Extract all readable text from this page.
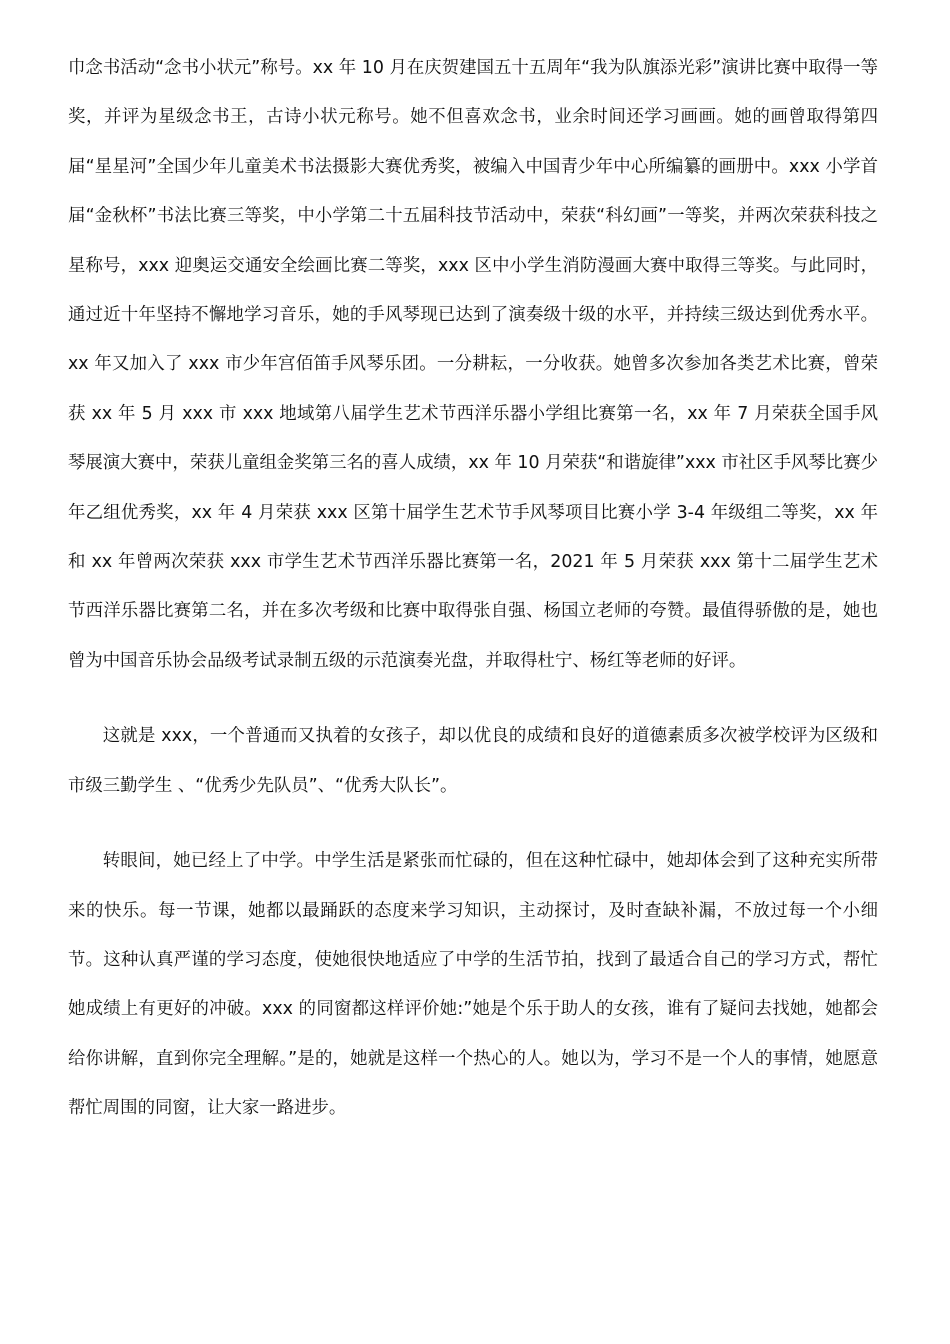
巾念书活动“念书小状元”称号。xx 年 10 月在庆贺建国五十五周年“我为队旗添光彩”演讲比赛中取得一等奖，并评为星级念书王，古诗小状元称号。她不但喜欢念书，业余时间还学习画画。她的画曾取得第四届“星星河”全国少年儿童美术书法摄影大赛优秀奖，被编入中国青少年中心所编纂的画册中。xxx 小学首届“金秋杯”书法比赛三等奖，中小学第二十五届科技节活动中，荣获“科幻画”一等奖，并两次荣获科技之星称号，xxx 迎奥运交通安全绘画比赛二等奖，xxx 区中小学生消防漫画大赛中取得三等奖。与此同时，通过近十年坚持不懈地学习音乐，她的手风琴现已达到了演奏级十级的水平，并持续三级达到优秀水平。xx 年又加入了 xxx 市少年宫佰笛手风琴乐团。一分耕耘，一分收获。她曾多次参加各类艺术比赛，曾荣获 xx 年 5 月 xxx 市 xxx 地域第八届学生艺术节西洋乐器小学组比赛第一名，xx 年 7 月荣获全国手风琴展演大赛中，荣获儿童组金奖第三名的喜人成绩，xx 年 10 月荣获“和谐旋律”xxx 市社区手风琴比赛少年乙组优秀奖，xx 年 4 月荣获 xxx 区第十届学生艺术节手风琴项目比赛小学 3-4 年级组二等奖，xx 年和 xx 年曾两次荣获 xxx 市学生艺术节西洋乐器比赛第一名，2021 年 5 月荣获 xxx 第十二届学生艺术节西洋乐器比赛第二名，并在多次考级和比赛中取得张自强、杨国立老师的夸赞。最值得骄傲的是，她也曾为中国音乐协会品级考试录制五级的示范演奏光盘，并取得杜宁、杨红等老师的好评。

这就是 xxx，一个普通而又执着的女孩子，却以优良的成绩和良好的道德素质多次被学校评为区级和市级三勤学生 、“优秀少先队员”、“优秀大队长”。

转眼间，她已经上了中学。中学生活是紧张而忙碌的，但在这种忙碌中，她却体会到了这种充实所带来的快乐。每一节课，她都以最踊跃的态度来学习知识，主动探讨，及时查缺补漏，不放过每一个小细节。这种认真严谨的学习态度，使她很快地适应了中学的生活节拍，找到了最适合自己的学习方式，帮忙她成绩上有更好的冲破。xxx 的同窗都这样评价她:”她是个乐于助人的女孩，谁有了疑问去找她，她都会给你讲解，直到你完全理解。”是的，她就是这样一个热心的人。她以为，学习不是一个人的事情，她愿意帮忙周围的同窗，让大家一路进步。
